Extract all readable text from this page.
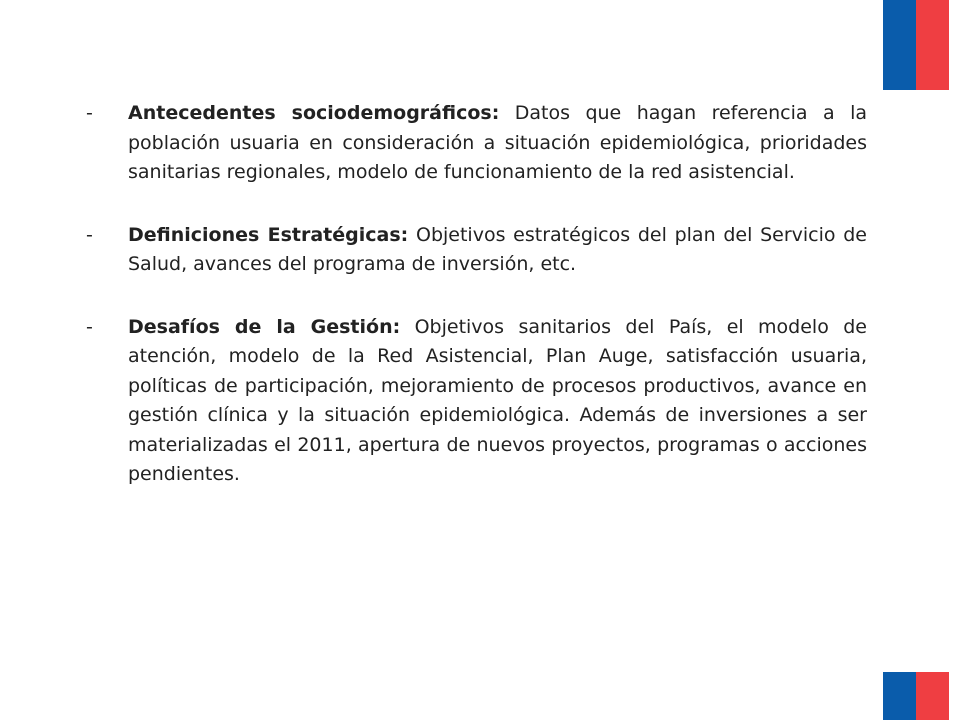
-	Antecedentes sociodemográficos: Datos que hagan referencia a la población usuaria en consideración a situación epidemiológica, prioridades sanitarias regionales, modelo de funcionamiento de la red asistencial.

-	Definiciones Estratégicas: Objetivos estratégicos del plan del Servicio de Salud, avances del programa de inversión, etc.

-	Desafíos de la Gestión: Objetivos sanitarios del País, el modelo de atención, modelo de la Red Asistencial, Plan Auge, satisfacción usuaria, políticas de participación, mejoramiento de procesos productivos, avance en gestión clínica y la situación epidemiológica. Además de inversiones a ser materializadas el 2011, apertura de nuevos proyectos, programas o acciones pendientes.
